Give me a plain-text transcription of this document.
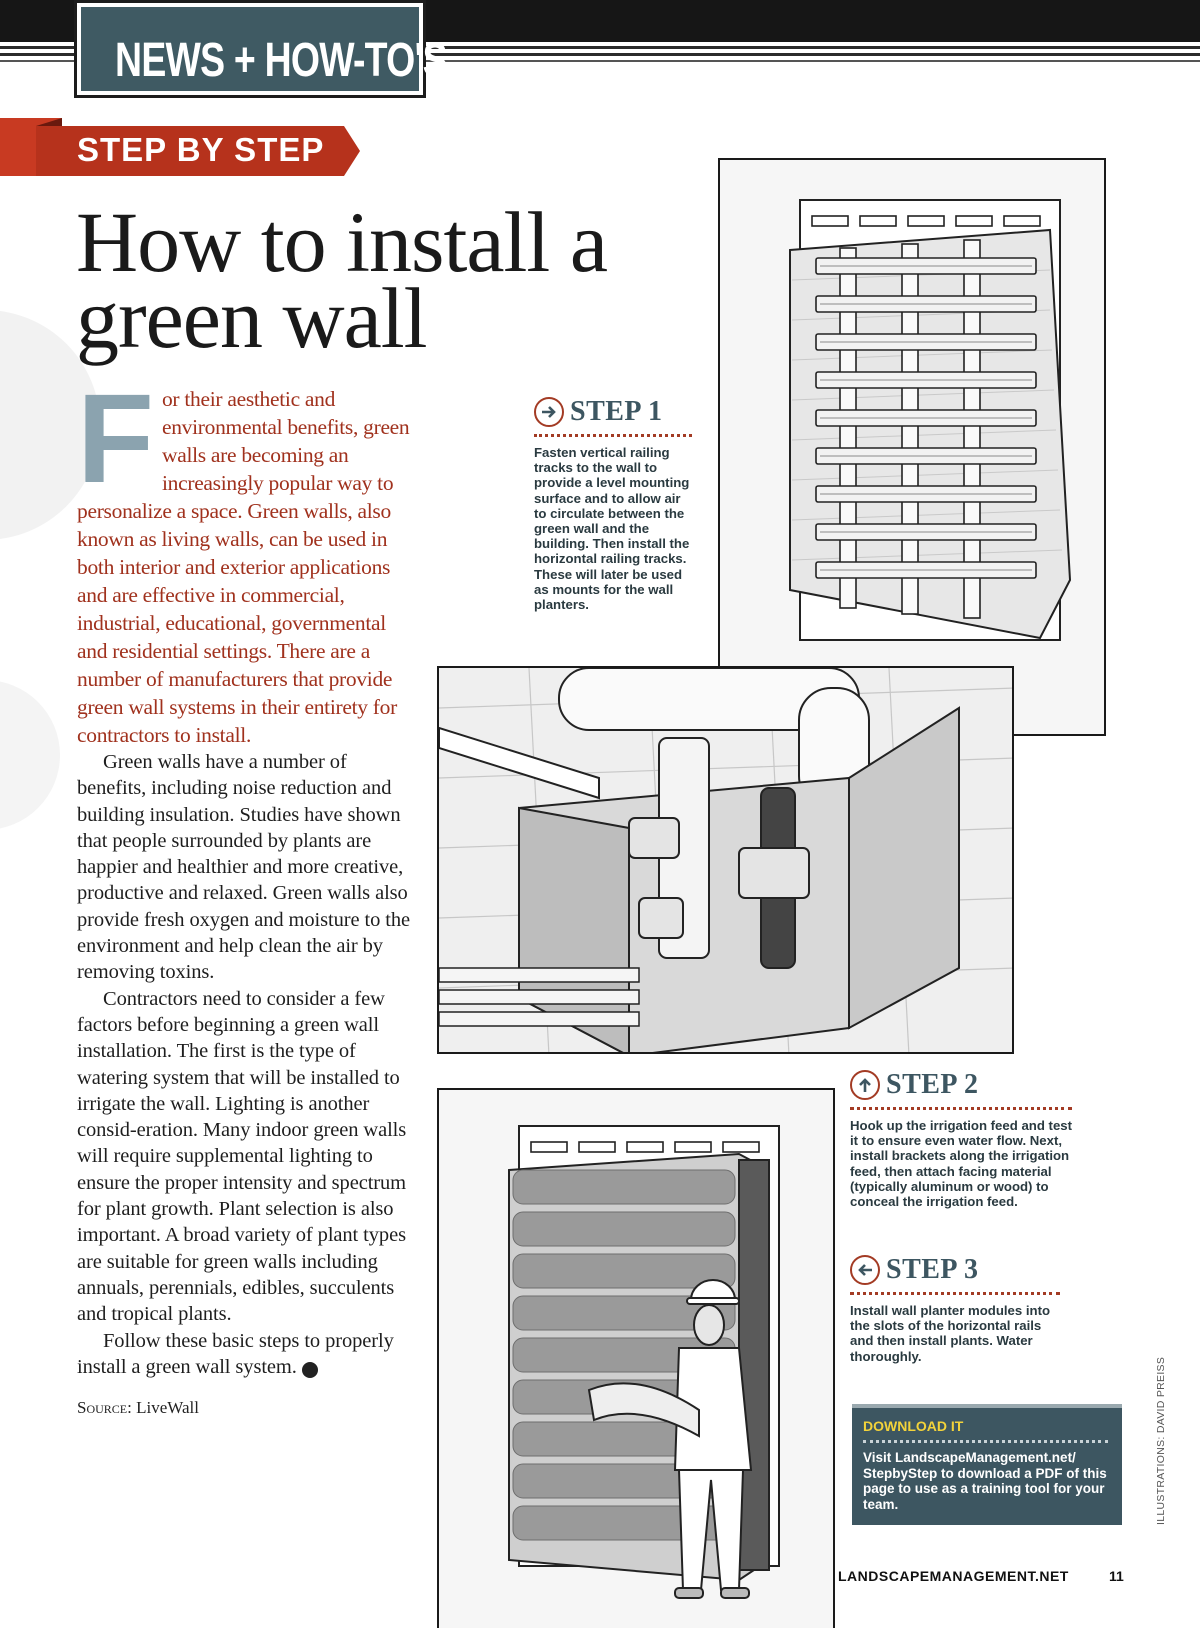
NEWS + HOW-TO'S
STEP BY STEP
How to install a green wall
F or their aesthetic and environmental benefits, green walls are becoming an increasingly popular way to personalize a space. Green walls, also known as living walls, can be used in both interior and exterior applications and are effective in commercial, industrial, educational, governmental and residential settings. There are a number of manufacturers that provide green wall systems in their entirety for contractors to install.

Green walls have a number of benefits, including noise reduction and building insulation. Studies have shown that people surrounded by plants are happier and healthier and more creative, productive and relaxed. Green walls also provide fresh oxygen and moisture to the environment and help clean the air by removing toxins.

Contractors need to consider a few factors before beginning a green wall installation. The first is the type of watering system that will be installed to irrigate the wall. Lighting is another consid-eration. Many indoor green walls will require supplemental lighting to ensure the proper intensity and spectrum for plant growth. Plant selection is also important. A broad variety of plant types are suitable for green walls including annuals, perennials, edibles, succulents and tropical plants.

Follow these basic steps to properly install a green wall system.	LM

Source: LiveWall
STEP 1
Fasten vertical railing tracks to the wall to provide a level mounting surface and to allow air to circulate between the green wall and the building. Then install the horizontal railing tracks. These will later be used as mounts for the wall planters.
STEP 2
Hook up the irrigation feed and test it to ensure even water flow. Next, install brackets along the irrigation feed, then attach facing material (typically aluminum or wood) to conceal the irrigation feed.
STEP 3
Install wall planter modules into the slots of the horizontal rails and then install plants. Water thoroughly.
DOWNLOAD IT
Visit LandscapeManagement.net/ StepbyStep to download a PDF of this page to use as a training tool for your team.	ILLUSTRATIONS: DAVID PREISS
LANDSCAPEMANAGEMENT.NET	11
